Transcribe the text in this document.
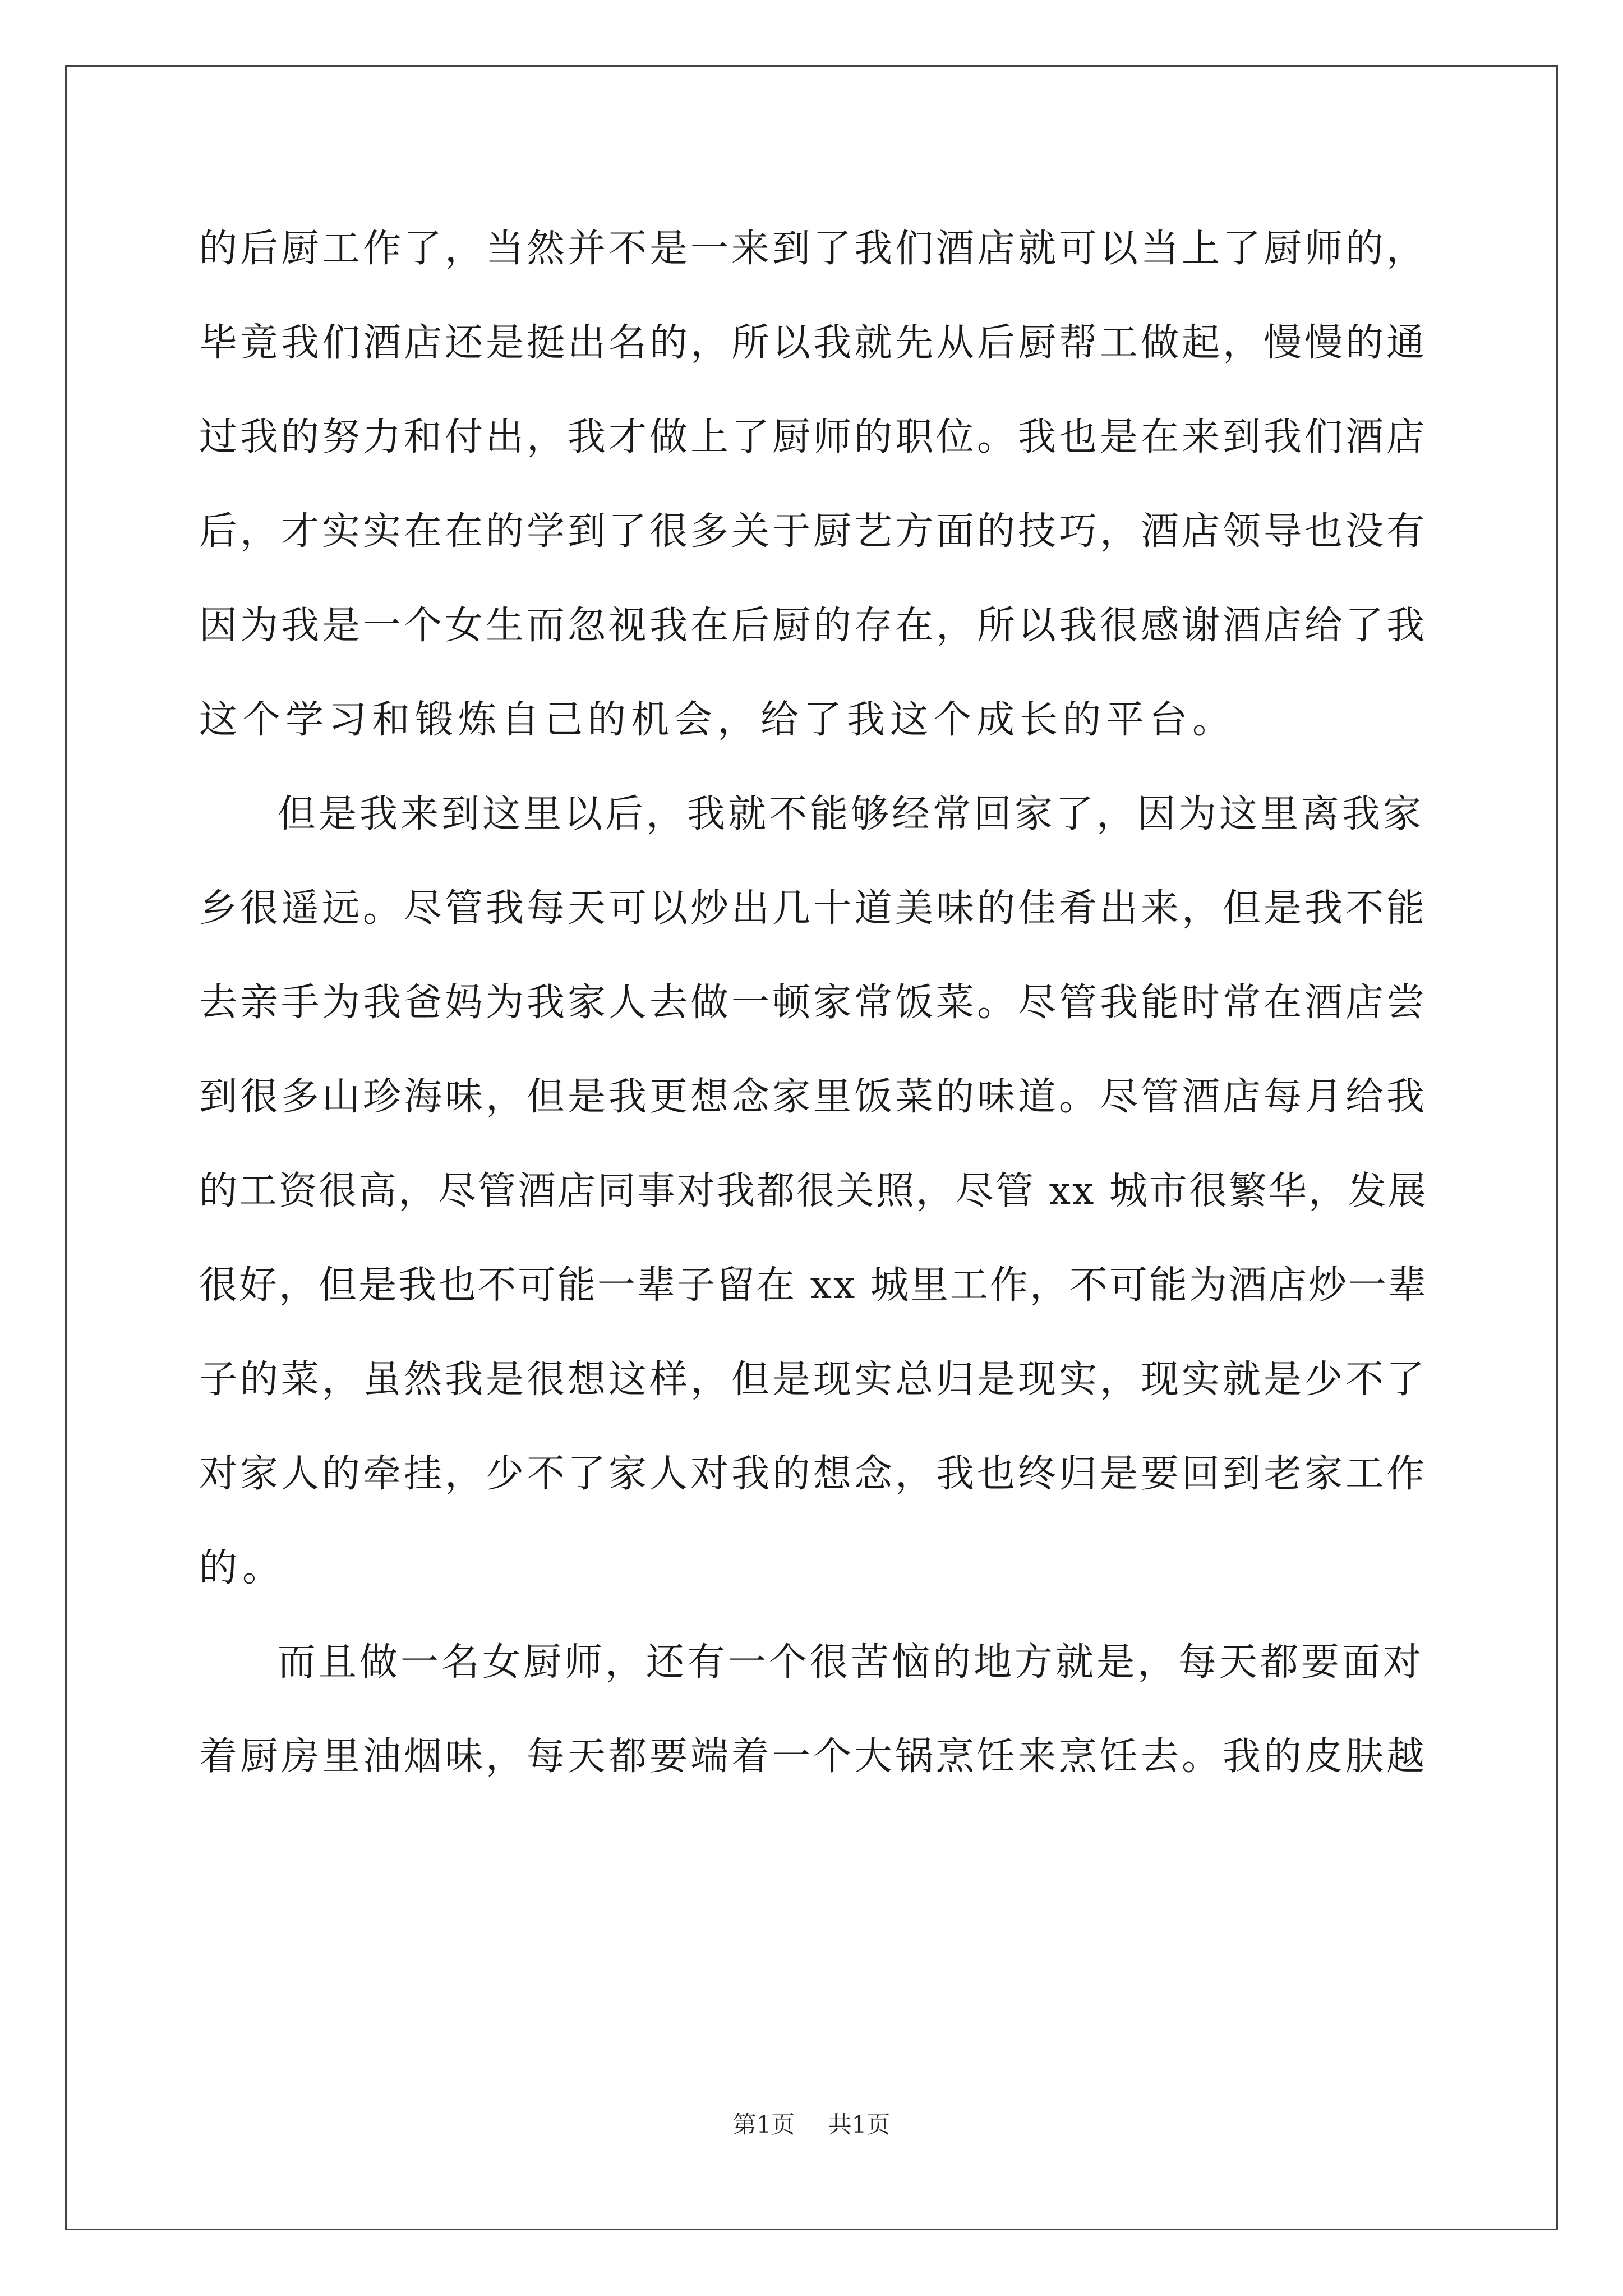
的后厨工作了，当然并不是一来到了我们酒店就可以当上了厨师的，
毕竟我们酒店还是挺出名的，所以我就先从后厨帮工做起，慢慢的通
过我的努力和付出，我才做上了厨师的职位。我也是在来到我们酒店
后，才实实在在的学到了很多关于厨艺方面的技巧，酒店领导也没有
因为我是一个女生而忽视我在后厨的存在，所以我很感谢酒店给了我
这个学习和锻炼自己的机会，给了我这个成长的平台。
但是我来到这里以后，我就不能够经常回家了，因为这里离我家
乡很遥远。尽管我每天可以炒出几十道美味的佳肴出来，但是我不能
去亲手为我爸妈为我家人去做一顿家常饭菜。尽管我能时常在酒店尝
到很多山珍海味，但是我更想念家里饭菜的味道。尽管酒店每月给我
的工资很高，尽管酒店同事对我都很关照，尽管 xx 城市很繁华，发展
很好，但是我也不可能一辈子留在 xx 城里工作，不可能为酒店炒一辈
子的菜，虽然我是很想这样，但是现实总归是现实，现实就是少不了
对家人的牵挂，少不了家人对我的想念，我也终归是要回到老家工作
的。
而且做一名女厨师，还有一个很苦恼的地方就是，每天都要面对
着厨房里油烟味，每天都要端着一个大锅烹饪来烹饪去。我的皮肤越
第1页 共1页
